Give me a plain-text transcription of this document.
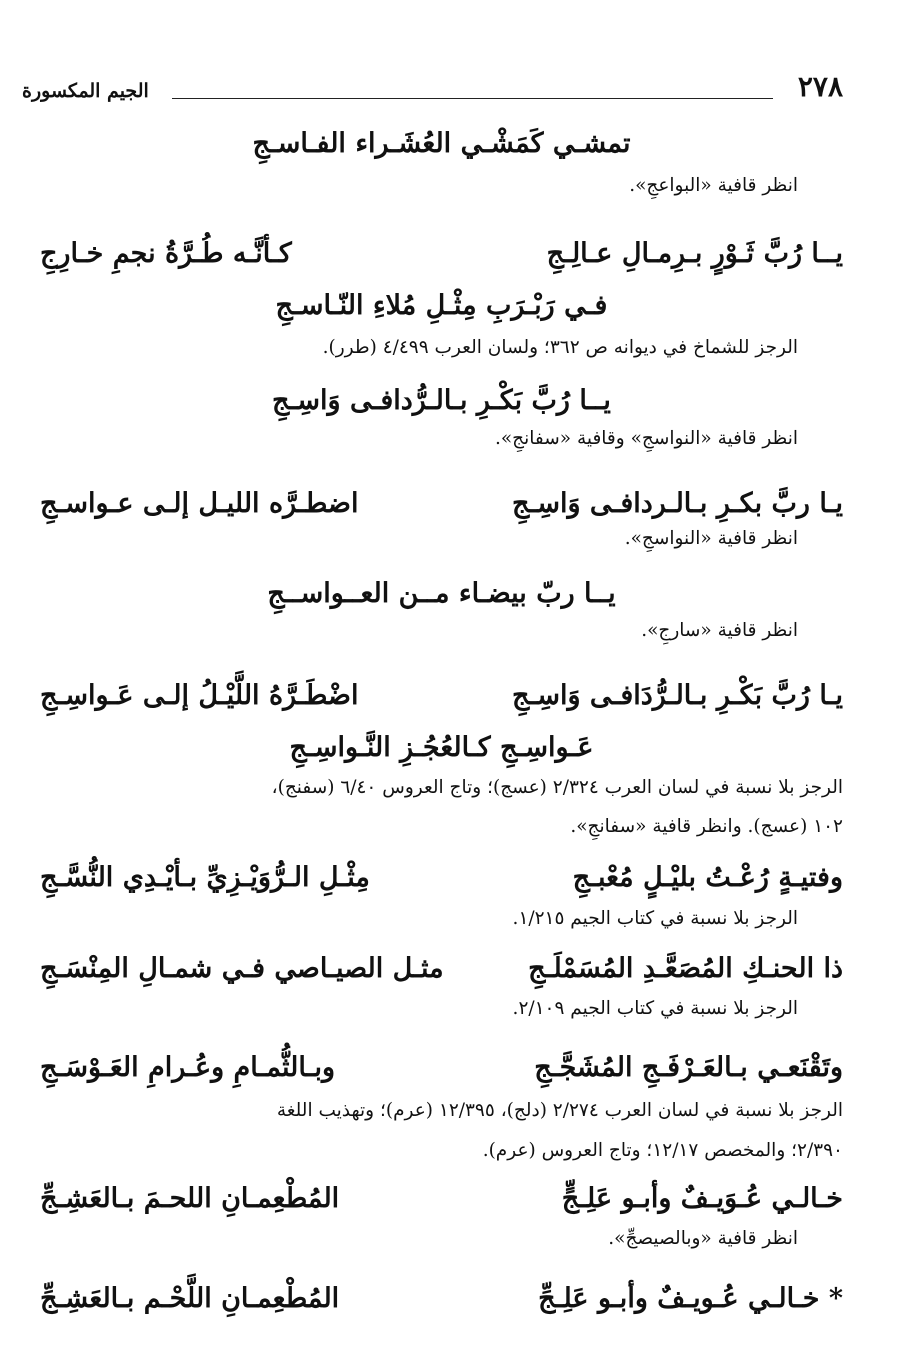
٢٧٨
الجيم المكسورة
تمشـي كَمَشْـي العُشَـراء الفـاسـجِ
انظر قافية «البواعجِ».
يــا رُبَّ ثَـوْرٍ بـرِمـالِ عـالِـجِ
كـأنَّـه طُـرَّةُ نجمِ خـارِجِ
فـي رَبْـرَبِ مِثْـلِ مُلاءِ النّـاسـجِ
الرجز للشماخ في ديوانه ص ٣٦٢؛ ولسان العرب ٤/٤٩٩ (طرر).
يــا رُبَّ بَكْـرِ بـالـرُّدافـى وَاسِـجِ
انظر قافية «النواسجِ» وقافية «سفانجِ».
يـا ربَّ بكـرِ بـالـردافـى وَاسِـجِ
اضطـرَّه الليـل إلـى عـواسـجِ
انظر قافية «النواسجِ».
يــا ربّ بيضـاء مــن العــواســجِ
انظر قافية «سارجِ».
يـا رُبَّ بَكْـرِ بـالـرُّدَافـى وَاسِـجِ
اضْطَـرَّهُ اللَّيْـلُ إلـى عَـواسِـجِ
عَـواسِـجِ كـالعُجُـزِ النَّـواسِـجِ
الرجز بلا نسبة في لسان العرب ٢/٣٢٤ (عسج)؛ وتاج العروس ٦/٤٠ (سفنج)،
١٠٢ (عسج). وانظر قافية «سفانجِ».
وفتيـةٍ رُعْـتُ بليْـلٍ مُعْبـجِ
مِثْـلِ الـرُّوَيْـزِيِّ بـأيْـدِي النُّسَّـجِ
الرجز بلا نسبة في كتاب الجيم ١/٢١٥.
ذا الحنـكِ المُصَعَّـدِ المُسَمْلَـجِ
مثـل الصيـاصي فـي شمـالِ المِنْسَـجِ
الرجز بلا نسبة في كتاب الجيم ٢/١٠٩.
وتَقْنَعـي بـالعَـرْفَـجِ المُشَجَّـجِ
وبـالثُّمـامِ وعُـرامِ العَـوْسَـجِ
الرجز بلا نسبة في لسان العرب ٢/٢٧٤ (دلج)، ١٢/٣٩٥ (عرم)؛ وتهذيب اللغة
٢/٣٩٠؛ والمخصص ١٢/١٧؛ وتاج العروس (عرم).
خـالـي عُـوَيـفٌ وأبـو عَلِـجٍّ
المُطْعِمـانِ اللحـمَ بـالعَشِـجِّ
انظر قافية «وبالصيصجِّ».
* خـالـي عُـويـفٌ وأبـو عَلِـجِّ
المُطْعِمـانِ اللَّحْـم بـالعَشِـجِّ
